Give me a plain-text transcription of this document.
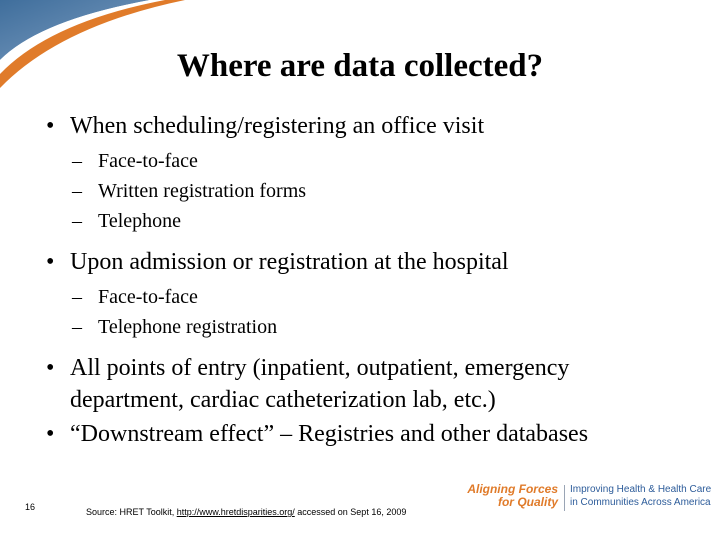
Where are data collected?
• When scheduling/registering an office visit
– Face-to-face
– Written registration forms
– Telephone
• Upon admission or registration at the hospital
– Face-to-face
– Telephone registration
• All points of entry (inpatient, outpatient, emergency department, cardiac catheterization lab, etc.)
• “Downstream effect” – Registries and other databases
16	Source: HRET Toolkit, http://www.hretdisparities.org/ accessed on Sept 16, 2009
Aligning Forces
for Quality
Improving Health & Health Care
in Communities Across America
